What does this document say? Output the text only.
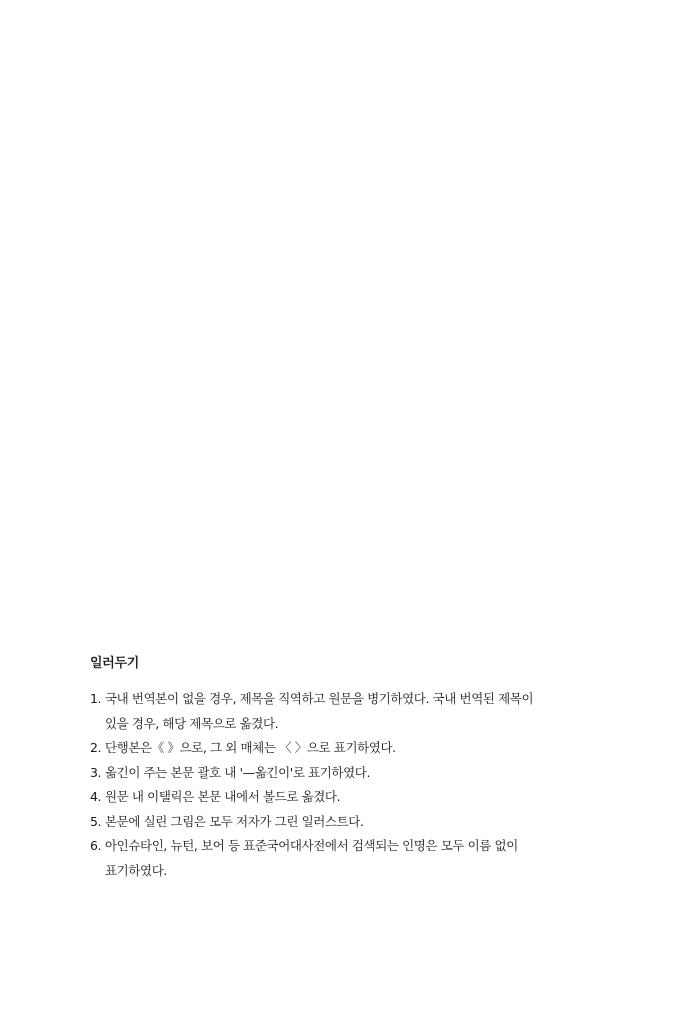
일러두기
1. 국내 번역본이 없을 경우, 제목을 직역하고 원문을 병기하였다. 국내 번역된 제목이 있을 경우, 해당 제목으로 옮겼다.
2. 단행본은《 》으로, 그 외 매체는 〈 〉으로 표기하였다.
3. 옮긴이 주는 본문 괄호 내 '—옮긴이'로 표기하였다.
4. 원문 내 이탤릭은 본문 내에서 볼드로 옮겼다.
5. 본문에 실린 그림은 모두 저자가 그린 일러스트다.
6. 아인슈타인, 뉴턴, 보어 등 표준국어대사전에서 검색되는 인명은 모두 이름 없이 표기하였다.
